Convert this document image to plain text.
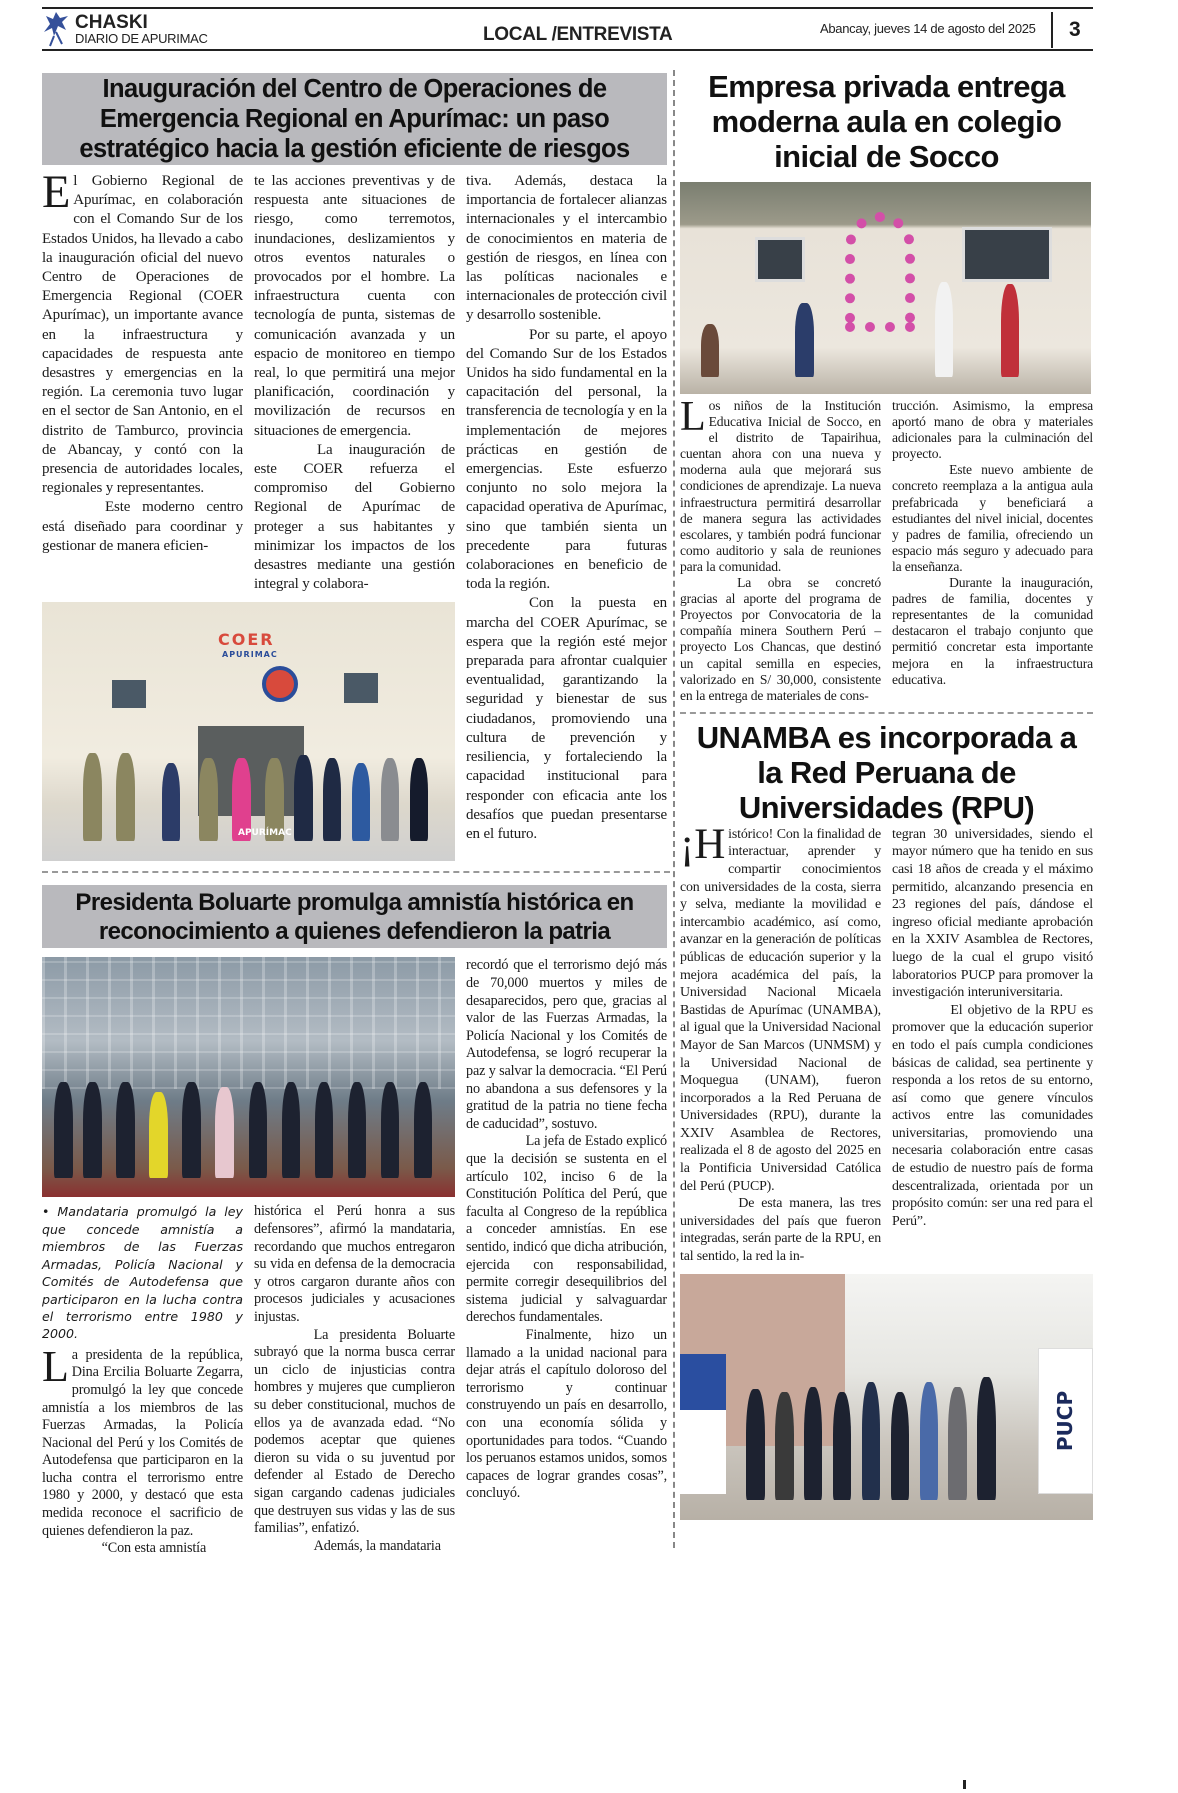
CHASKI
DIARIO DE APURIMAC	LOCAL /ENTREVISTA	Abancay, jueves 14 de agosto del 2025 3
Inauguración del Centro de Operaciones de Emergencia Regional en Apurímac: un paso estratégico hacia la gestión eficiente de riesgos

El Gobierno Regional de Apurímac, en colaboración con el Comando Sur de los Estados Unidos, ha llevado a cabo la inauguración oficial del nuevo Centro de Operaciones de Emergencia Regional (COER Apurímac), un importante avance en la infraestructura y capacidades de respuesta ante desastres y emergencias en la región. La ceremonia tuvo lugar en el sector de San Antonio, en el distrito de Tamburco, provincia de Abancay, y contó con la presencia de autoridades locales, regionales y representantes.

Este moderno centro está diseñado para coordinar y gestionar de manera eficien-

te las acciones preventivas y de respuesta ante situaciones de riesgo, como terremotos, inundaciones, deslizamientos y otros eventos naturales o provocados por el hombre. La infraestructura cuenta con tecnología de punta, sistemas de comunicación avanzada y un espacio de monitoreo en tiempo real, lo que permitirá una mejor planificación, coordinación y movilización de recursos en situaciones de emergencia.

La inauguración de este COER refuerza el compromiso del Gobierno Regional de Apurímac de proteger a sus habitantes y minimizar los impactos de los desastres mediante una gestión integral y colabora-

COER
APURIMAC
APURÍMAC

tiva. Además, destaca la importancia de fortalecer alianzas internacionales y el intercambio de conocimientos en materia de gestión de riesgos, en línea con las políticas nacionales e internacionales de protección civil y desarrollo sostenible.

Por su parte, el apoyo del Comando Sur de los Estados Unidos ha sido fundamental en la capacitación del personal, la transferencia de tecnología y en la implementación de mejores prácticas en gestión de emergencias. Este esfuerzo conjunto no solo mejora la capacidad operativa de Apurímac, sino que también sienta un precedente para futuras colaboraciones en beneficio de toda la región.

Con la puesta en marcha del COER Apurímac, se espera que la región esté mejor preparada para afrontar cualquier eventualidad, garantizando la seguridad y bienestar de sus ciudadanos, promoviendo una cultura de prevención y resiliencia, y fortaleciendo la capacidad institucional para responder con eficacia ante los desafíos que puedan presentarse en el futuro.

Presidenta Boluarte promulga amnistía histórica en reconocimiento a quienes defendieron la patria
• Mandataria promulgó la ley que concede amnistía a miembros de las Fuerzas Armadas, Policía Nacional y Comités de Autodefensa que participaron en la lucha contra el terrorismo entre 1980 y 2000.

La presidenta de la república, Dina Ercilia Boluarte Zegarra, promulgó la ley que concede amnistía a los miembros de las Fuerzas Armadas, la Policía Nacional del Perú y los Comités de Autodefensa que participaron en la lucha contra el terrorismo entre 1980 y 2000, y destacó que esta medida reconoce el sacrificio de quienes defendieron la paz.

“Con esta amnistía

histórica el Perú honra a sus defensores”, afirmó la mandataria, recordando que muchos entregaron su vida en defensa de la democracia y otros cargaron durante años con procesos judiciales y acusaciones injustas.

La presidenta Boluarte subrayó que la norma busca cerrar un ciclo de injusticias contra hombres y mujeres que cumplieron su deber constitucional, muchos de ellos ya de avanzada edad. “No podemos aceptar que quienes dieron su vida o su juventud por defender al Estado de Derecho sigan cargando cadenas judiciales que destruyen sus vidas y las de sus familias”, enfatizó.

Además, la mandataria

recordó que el terrorismo dejó más de 70,000 muertos y miles de desaparecidos, pero que, gracias al valor de las Fuerzas Armadas, la Policía Nacional y los Comités de Autodefensa, se logró recuperar la paz y salvar la democracia. “El Perú no abandona a sus defensores y la gratitud de la patria no tiene fecha de caducidad”, sostuvo.

La jefa de Estado explicó que la decisión se sustenta en el artículo 102, inciso 6 de la Constitución Política del Perú, que faculta al Congreso de la república a conceder amnistías. En ese sentido, indicó que dicha atribución, ejercida con responsabilidad, permite corregir desequilibrios del sistema judicial y salvaguardar derechos fundamentales.

Finalmente, hizo un llamado a la unidad nacional para dejar atrás el capítulo doloroso del terrorismo y continuar construyendo un país en desarrollo, con una economía sólida y oportunidades para todos. “Cuando los peruanos estamos unidos, somos capaces de lograr grandes cosas”, concluyó.

Empresa privada entrega moderna aula en colegio inicial de Socco

Los niños de la Institución Educativa Inicial de Socco, en el distrito de Tapairihua, cuentan ahora con una nueva y moderna aula que mejorará sus condiciones de aprendizaje. La nueva infraestructura permitirá desarrollar de manera segura las actividades escolares, y también podrá funcionar como auditorio y sala de reuniones para la comunidad.

La obra se concretó gracias al aporte del programa de Proyectos por Convocatoria de la compañía minera Southern Perú – proyecto Los Chancas, que destinó un capital semilla en especies, valorizado en S/ 30,000, consistente en la entrega de materiales de cons-

trucción. Asimismo, la empresa aportó mano de obra y materiales adicionales para la culminación del proyecto.

Este nuevo ambiente de concreto reemplaza a la antigua aula prefabricada y beneficiará a estudiantes del nivel inicial, docentes y padres de familia, ofreciendo un espacio más seguro y adecuado para la enseñanza.

Durante la inauguración, padres de familia, docentes y representantes de la comunidad destacaron el trabajo conjunto que permitió concretar esta importante mejora en la infraestructura educativa.

UNAMBA es incorporada a la Red Peruana de Universidades (RPU)

¡Histórico! Con la finalidad de interactuar, aprender y compartir conocimientos con universidades de la costa, sierra y selva, mediante la movilidad e intercambio académico, así como, avanzar en la generación de políticas públicas de educación superior y la mejora académica del país, la Universidad Nacional Micaela Bastidas de Apurímac (UNAMBA), al igual que la Universidad Nacional Mayor de San Marcos (UNMSM) y la Universidad Nacional de Moquegua (UNAM), fueron incorporados a la Red Peruana de Universidades (RPU), durante la XXIV Asamblea de Rectores, realizada el 8 de agosto del 2025 en la Pontificia Universidad Católica del Perú (PUCP).

De esta manera, las tres universidades del país que fueron integradas, serán parte de la RPU, en tal sentido, la red la in-

tegran 30 universidades, siendo el mayor número que ha tenido en sus casi 18 años de creada y el máximo permitido, alcanzando presencia en 23 regiones del país, dándose el ingreso oficial mediante aprobación en la XXIV Asamblea de Rectores, luego de la cual el grupo visitó laboratorios PUCP para promover la investigación interuniversitaria.

El objetivo de la RPU es promover que la educación superior en todo el país cumpla condiciones básicas de calidad, sea pertinente y responda a los retos de su entorno, así como que genere vínculos activos entre las comunidades universitarias, promoviendo una necesaria colaboración entre casas de estudio de nuestro país de forma descentralizada, orientada por un propósito común: ser una red para el Perú”.

PUCP
